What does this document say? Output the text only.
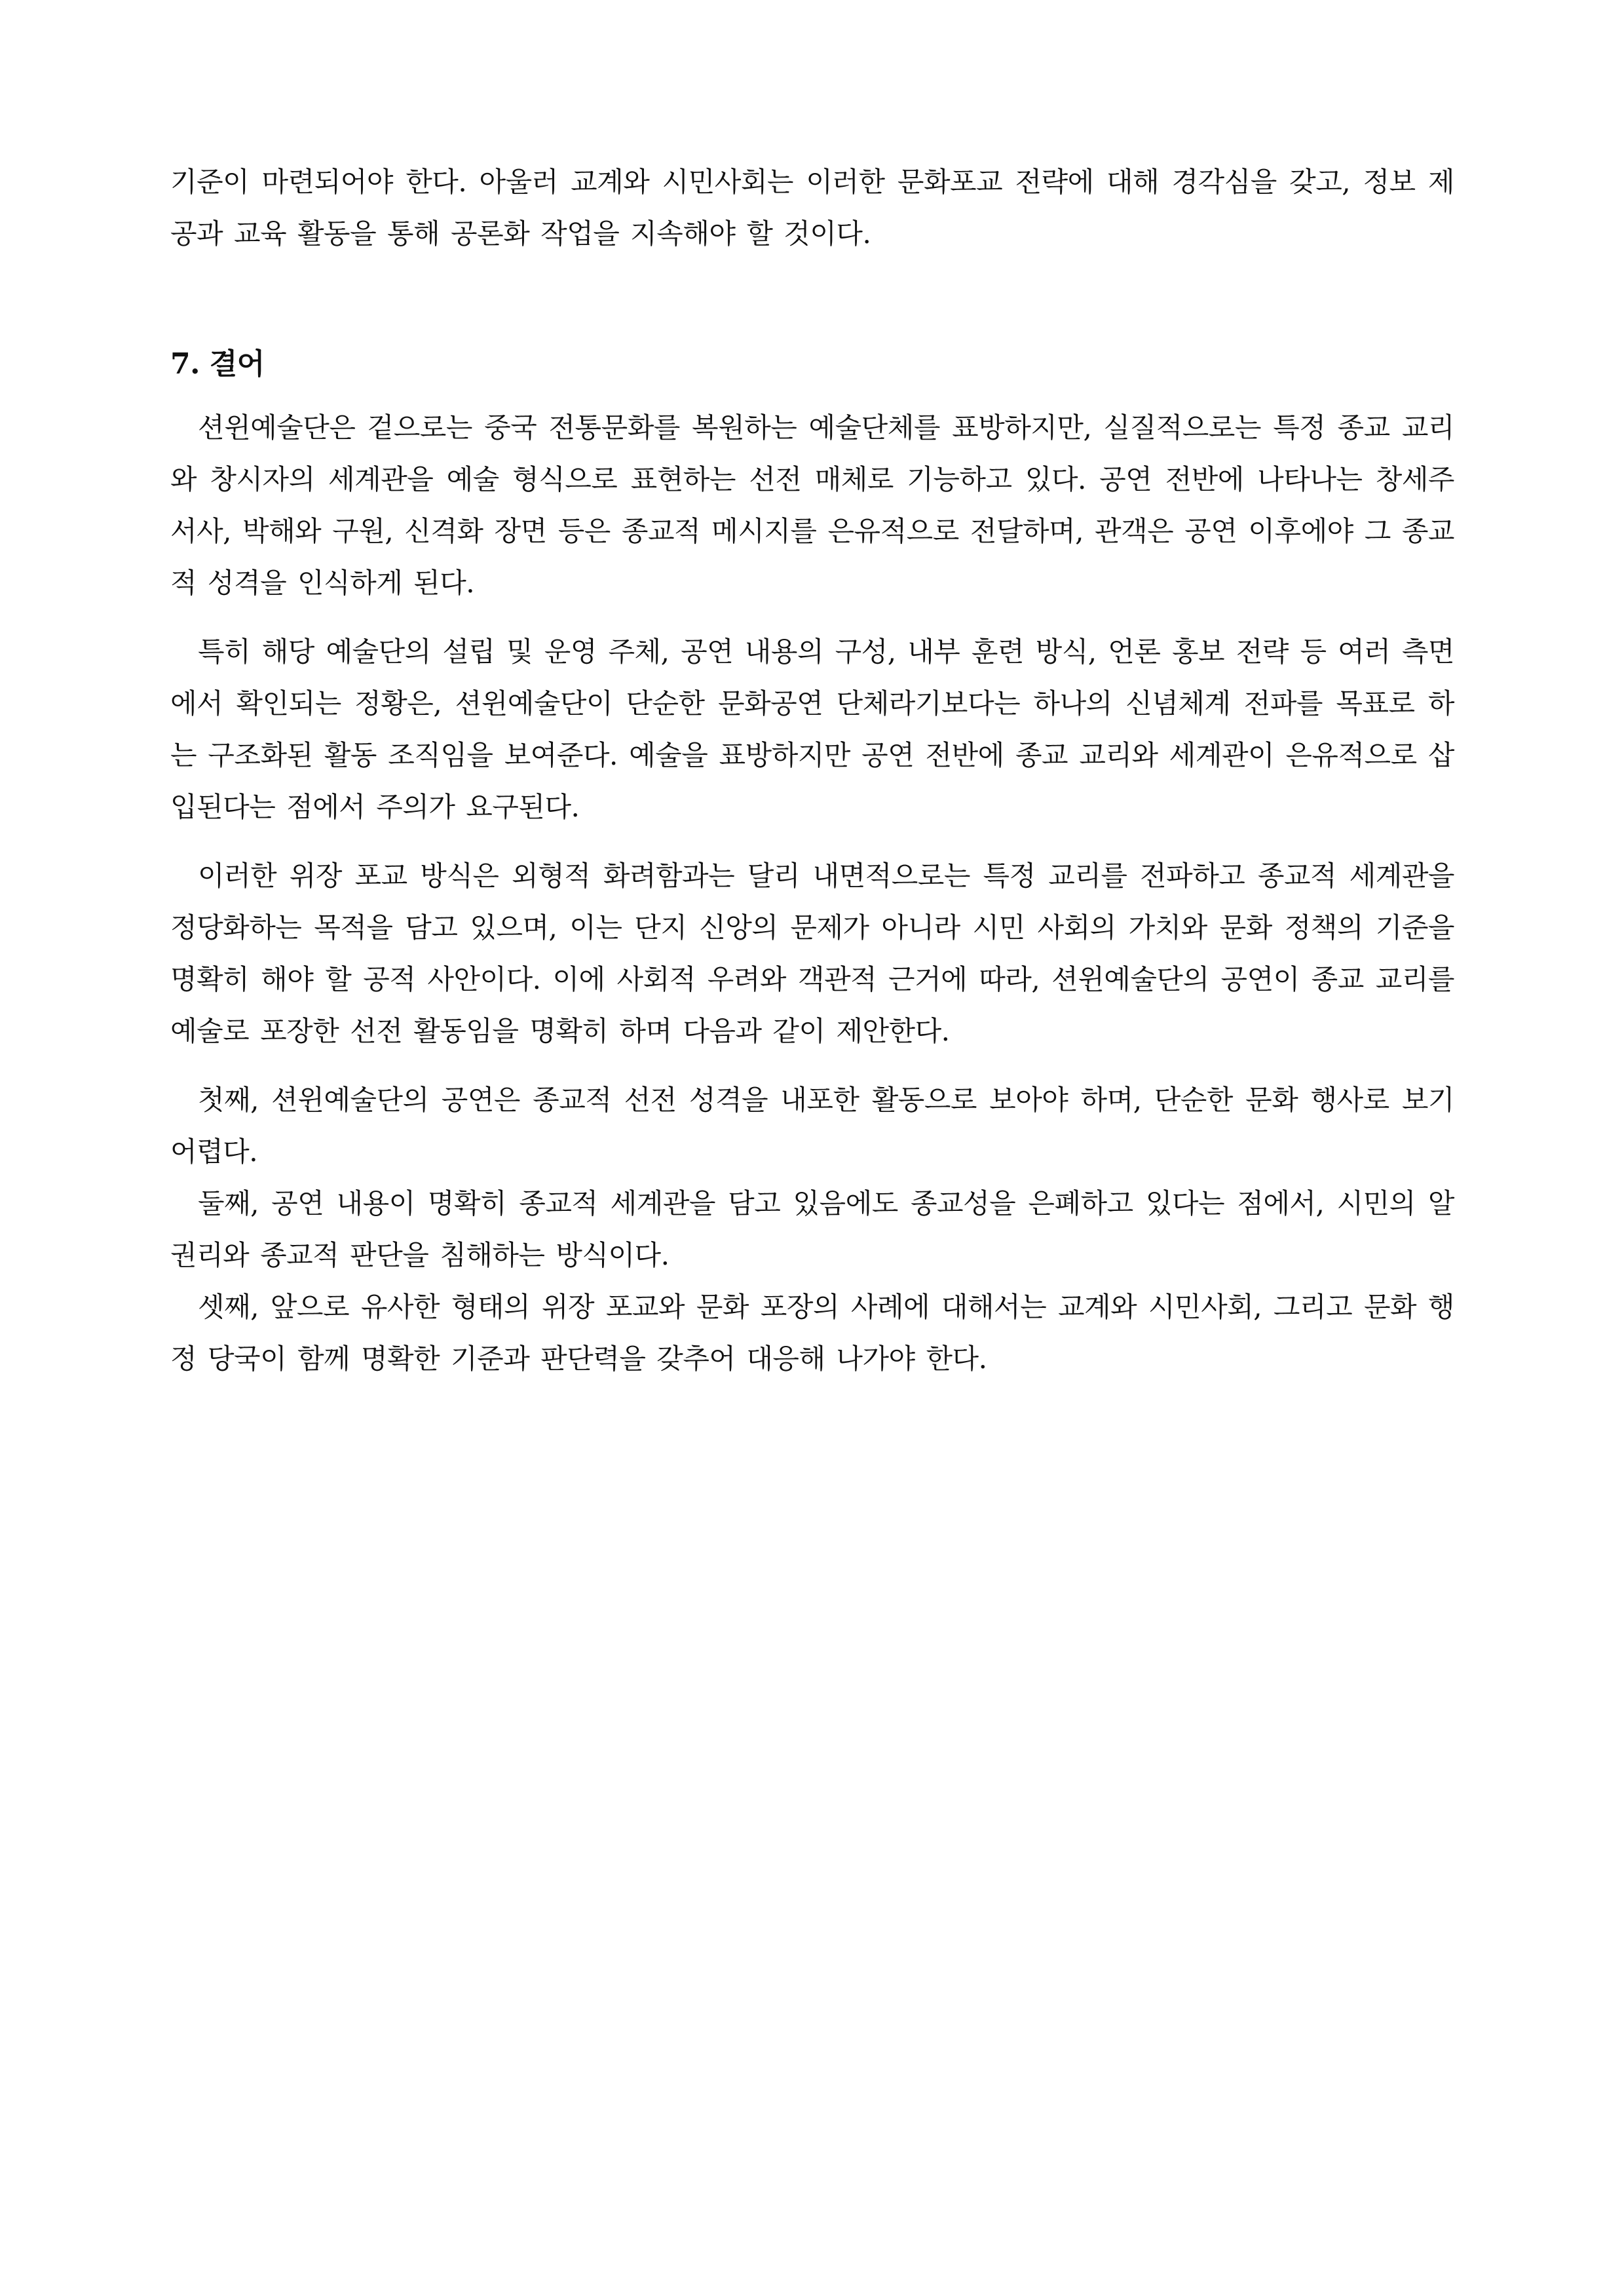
기준이 마련되어야 한다. 아울러 교계와 시민사회는 이러한 문화포교 전략에 대해 경각심을 갖고, 정보 제공과 교육 활동을 통해 공론화 작업을 지속해야 할 것이다.

7. 결어

션윈예술단은 겉으로는 중국 전통문화를 복원하는 예술단체를 표방하지만, 실질적으로는 특정 종교 교리와 창시자의 세계관을 예술 형식으로 표현하는 선전 매체로 기능하고 있다. 공연 전반에 나타나는 창세주 서사, 박해와 구원, 신격화 장면 등은 종교적 메시지를 은유적으로 전달하며, 관객은 공연 이후에야 그 종교적 성격을 인식하게 된다.

특히 해당 예술단의 설립 및 운영 주체, 공연 내용의 구성, 내부 훈련 방식, 언론 홍보 전략 등 여러 측면에서 확인되는 정황은, 션윈예술단이 단순한 문화공연 단체라기보다는 하나의 신념체계 전파를 목표로 하는 구조화된 활동 조직임을 보여준다. 예술을 표방하지만 공연 전반에 종교 교리와 세계관이 은유적으로 삽입된다는 점에서 주의가 요구된다.

이러한 위장 포교 방식은 외형적 화려함과는 달리 내면적으로는 특정 교리를 전파하고 종교적 세계관을 정당화하는 목적을 담고 있으며, 이는 단지 신앙의 문제가 아니라 시민 사회의 가치와 문화 정책의 기준을 명확히 해야 할 공적 사안이다. 이에 사회적 우려와 객관적 근거에 따라, 션윈예술단의 공연이 종교 교리를 예술로 포장한 선전 활동임을 명확히 하며 다음과 같이 제안한다.

첫째, 션윈예술단의 공연은 종교적 선전 성격을 내포한 활동으로 보아야 하며, 단순한 문화 행사로 보기 어렵다.

둘째, 공연 내용이 명확히 종교적 세계관을 담고 있음에도 종교성을 은폐하고 있다는 점에서, 시민의 알 권리와 종교적 판단을 침해하는 방식이다.

셋째, 앞으로 유사한 형태의 위장 포교와 문화 포장의 사례에 대해서는 교계와 시민사회, 그리고 문화 행정 당국이 함께 명확한 기준과 판단력을 갖추어 대응해 나가야 한다.
